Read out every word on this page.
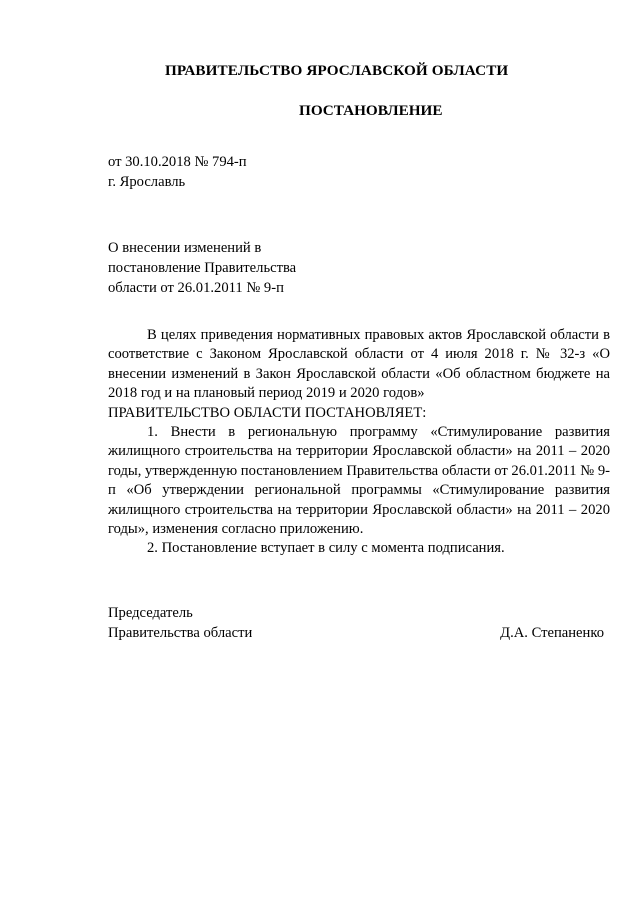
ПРАВИТЕЛЬСТВО ЯРОСЛАВСКОЙ ОБЛАСТИ
ПОСТАНОВЛЕНИЕ
от 30.10.2018 № 794-п
г. Ярославль
О внесении изменений в
постановление Правительства
области от 26.01.2011 № 9-п

В целях приведения нормативных правовых актов Ярославской области в соответствие с Законом Ярославской области от 4 июля 2018 г. № 32-з «О внесении изменений в Закон Ярославской области «Об областном бюджете на 2018 год и на плановый период 2019 и 2020 годов»

ПРАВИТЕЛЬСТВО ОБЛАСТИ ПОСТАНОВЛЯЕТ:

1. Внести в региональную программу «Стимулирование развития жилищного строительства на территории Ярославской области» на 2011 – 2020 годы, утвержденную постановлением Правительства области от 26.01.2011 № 9-п «Об утверждении региональной программы «Стимулирование развития жилищного строительства на территории Ярославской области» на 2011 – 2020 годы», изменения согласно приложению.

2. Постановление вступает в силу с момента подписания.

Председатель
Правительства области	Д.А. Степаненко
